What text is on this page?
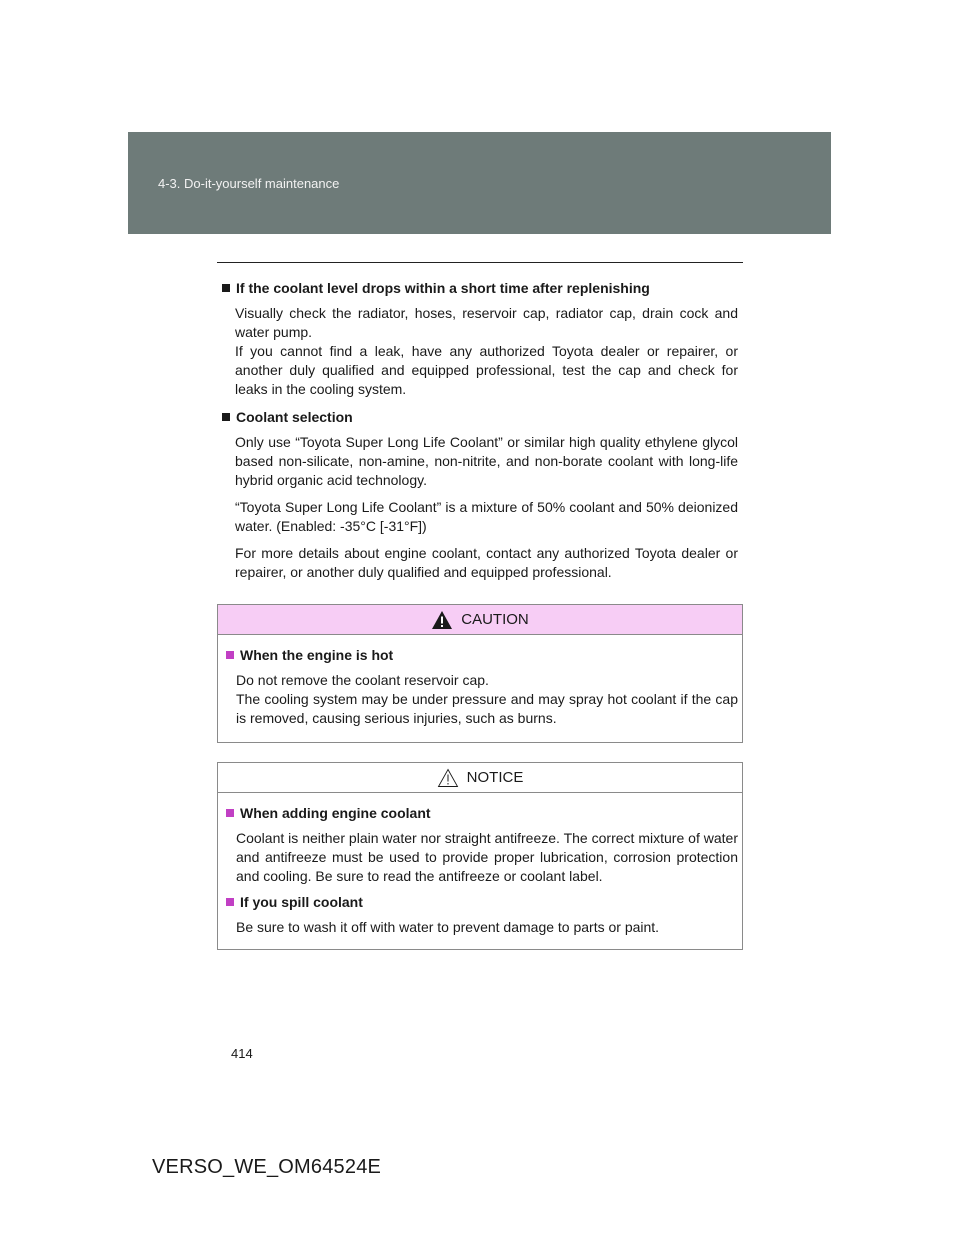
4-3. Do-it-yourself maintenance
If the coolant level drops within a short time after replenishing

Visually check the radiator, hoses, reservoir cap, radiator cap, drain cock and water pump.
If you cannot find a leak, have any authorized Toyota dealer or repairer, or another duly qualified and equipped professional, test the cap and check for leaks in the cooling system.

Coolant selection

Only use “Toyota Super Long Life Coolant” or similar high quality ethylene glycol based non-silicate, non-amine, non-nitrite, and non-borate coolant with long-life hybrid organic acid technology.

“Toyota Super Long Life Coolant” is a mixture of 50% coolant and 50% deionized water. (Enabled: -35°C [-31°F])

For more details about engine coolant, contact any authorized Toyota dealer or repairer, or another duly qualified and equipped professional.

CAUTION
When the engine is hot

Do not remove the coolant reservoir cap.
The cooling system may be under pressure and may spray hot coolant if the cap is removed, causing serious injuries, such as burns.

NOTICE
When adding engine coolant

Coolant is neither plain water nor straight antifreeze. The correct mixture of water and antifreeze must be used to provide proper lubrication, corrosion protection and cooling. Be sure to read the antifreeze or coolant label.

If you spill coolant

Be sure to wash it off with water to prevent damage to parts or paint.

414
VERSO_WE_OM64524E
